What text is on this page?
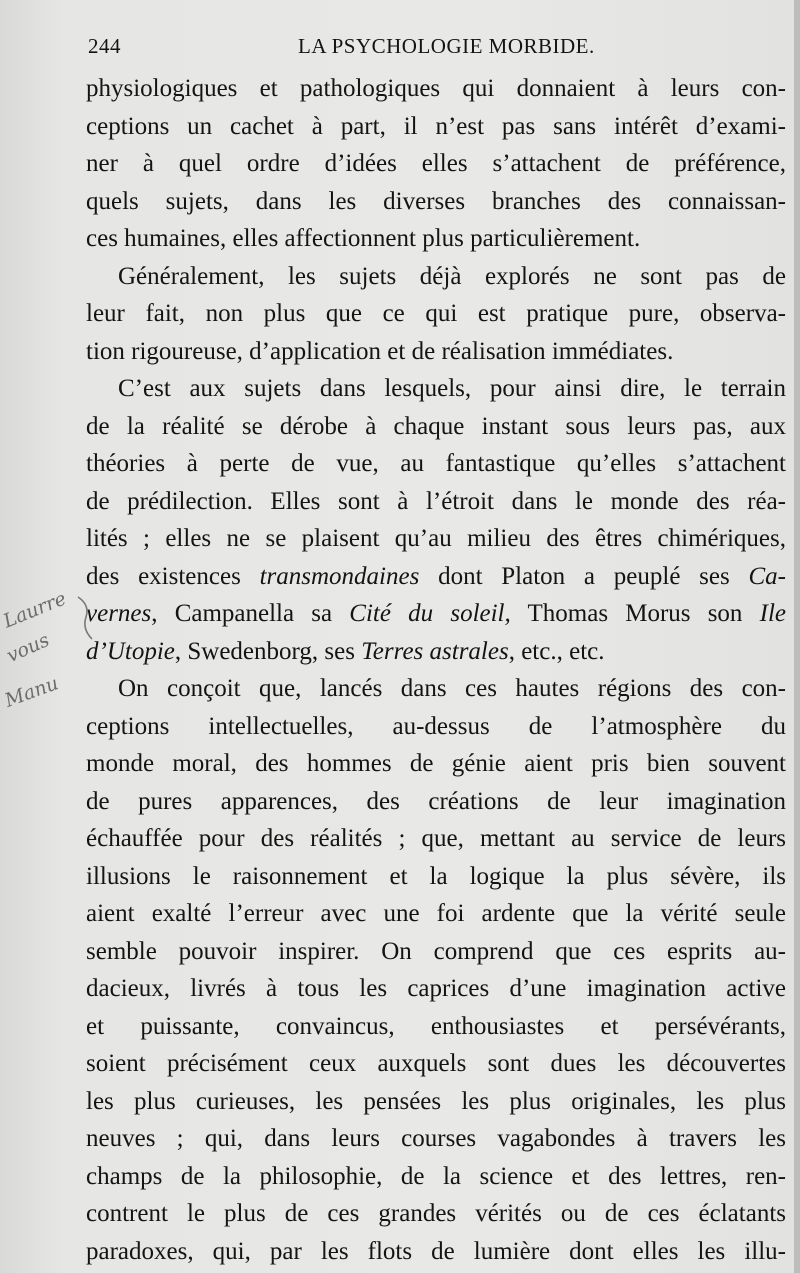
244	LA PSYCHOLOGIE MORBIDE.
physiologiques et pathologiques qui donnaient à leurs con-
ceptions un cachet à part, il n’est pas sans intérêt d’exami-
ner à quel ordre d’idées elles s’attachent de préférence,
quels sujets, dans les diverses branches des connaissan-
ces humaines, elles affectionnent plus particulièrement.
Généralement, les sujets déjà explorés ne sont pas de
leur fait, non plus que ce qui est pratique pure, observa-
tion rigoureuse, d’application et de réalisation immédiates.
C’est aux sujets dans lesquels, pour ainsi dire, le terrain
de la réalité se dérobe à chaque instant sous leurs pas, aux
théories à perte de vue, au fantastique qu’elles s’attachent
de prédilection. Elles sont à l’étroit dans le monde des réa-
lités ; elles ne se plaisent qu’au milieu des êtres chimériques,
des existences transmondaines dont Platon a peuplé ses Ca-
vernes, Campanella sa Cité du soleil, Thomas Morus son Ile
d’Utopie, Swedenborg, ses Terres astrales, etc., etc.
On conçoit que, lancés dans ces hautes régions des con-
ceptions intellectuelles, au-dessus de l’atmosphère du
monde moral, des hommes de génie aient pris bien souvent
de pures apparences, des créations de leur imagination
échauffée pour des réalités ; que, mettant au service de leurs
illusions le raisonnement et la logique la plus sévère, ils
aient exalté l’erreur avec une foi ardente que la vérité seule
semble pouvoir inspirer. On comprend que ces esprits au-
dacieux, livrés à tous les caprices d’une imagination active
et puissante, convaincus, enthousiastes et persévérants,
soient précisément ceux auxquels sont dues les découvertes
les plus curieuses, les pensées les plus originales, les plus
neuves ; qui, dans leurs courses vagabondes à travers les
champs de la philosophie, de la science et des lettres, ren-
contrent le plus de ces grandes vérités ou de ces éclatants
paradoxes, qui, par les flots de lumière dont elles les illu-
Laurre
vous
Manu
